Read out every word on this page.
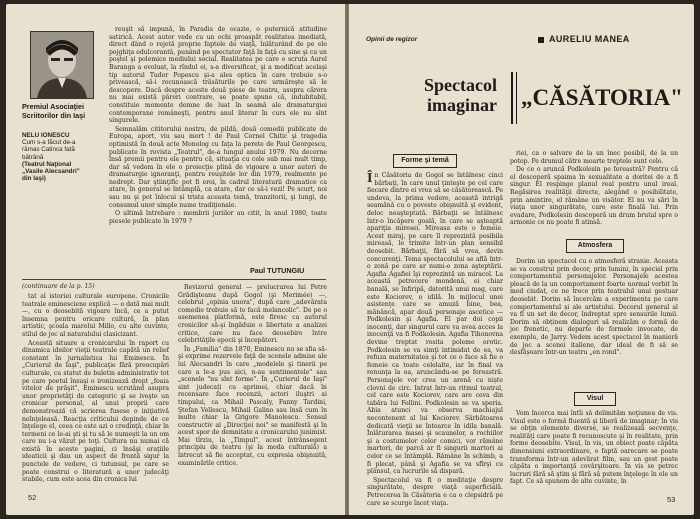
Premiul Asociaţiei Scriitorilor din Iaşi
NELU IONESCU
Cum s-a făcut de-a rămas Catinca fată bătrână
(Teatrul Naţional „Vasile Alecsandri" din Iaşi)

reuşit să impună, în Paradis de ocazie, o puternică atitudine satirică. Acest autor vede cu un ochi proaspăt realitatea imediată, direct dând o rejetă proprie faptele de viaţă, înlăturând de pe ele pojghiţa edulcorantă, punând pe spectator faţă în faţă cu sine şi cu un poştel şi polemice mediului social. Realitatea pe care o scruta Aurel Baranga a evoluat, la rîndul ei, s-a diversificat, şi a modificat acelaşi tip autorul Tudor Popescu şi-a ales optica în care trebuie s-o privească, să-i recunoască trăsăturile pe care urmăreşte să le descopere. Dacă despre aceste două piese de teatru, asupra cărora nu mai există păreri contrare, se poate spune că, indubitabil, constituie momente demne de luat în seamă ale dramaturgiei contemporane româneşti, pentru anul literar în curs ele nu sînt singurele.

Semnalăm cititorului nostru, de pildă, două comedii publicate de Europa, aport, viu sau mort ! de Paul Cornel Chitic şi tragedia optimistă în două acte Monolog cu faţa la perete de Paul Georgescu, publicate în revista „Teatrul", de-a lungul anului 1979. Nu decerne însă premii pentru ele pentru că, situaţia cu cele sub mai mult timp, dar să vedem în ele o proiecţie plină de vigoare a unor autori de dramaturgie ignoranţi, pentru reuşitele lor din 1979, realmente pe nedrept. Dar ştiinţific pot fi eroi, în cadrul literaturii dramatice ca atare, în general se întâmplă, ca atare, dar ce să-i vezi! Pe scurt, noi sau nu şi pot înlocui și trista aceasta temă, tranzitorii, şi lungi, de consumul unor simple nume tradiţionale.

O ultimă întrebare : membrii juriilor au citit, în anul 1980, toate piesele publicate în 1979 ?

Paul TUTUNGIU
(continuare de la p. 15)

tat al istoriei culturale europene. Cronicile teatrale eminesciene explică — o dată mai mult —, cu o deosebită vigoare încă, ce a putut însemna pentru oricare cultură, în plan artistic, şcoala marelui Millo, cu alte cuvinte, stilul de joc al naturalului clasicizant.

Această situare a cronicarului în raport cu dinamica ideilor vieţii teatrale capătă un relief constant în jurnalistica lui Eminescu. În „Curierul de Iaşi", publicaţie fără preocupări culturale, cu statut de buletin administrativ tot pe care poetul însuşi o ironizează drept „foaia vitelor de prăşit", Eminescu scrutând asupra unor proprietăţi de categoric şi se iveşte un cronicar personal, al unui proprii care demonstrează că scrierea fusese o iniţiativă neînţeleasă. Reacţia criticului depinde de ce înţelege el, ceea ce este azi o credinţă, chiar în termeni ce le-ai şti şi tu să le numeşti la un om care nu i-a văzut pe toţi. Cultura nu numai că există în aceste pagini, ci însăşi eraţiile ideaticii şi dau un aspect de frontă sigur la punctele de vedere, ci tutunsul, pe care se poate construi o literatură a unor judecăţi stabile, cum este acea din cronica lui

Revizorul general — prelucrarea lui Petre Grădişteanu după Gogol (şi Merimée) —, celebrul „opinia unora", după care „adevărata comedie trebuie să te facă melancolic". De pe o asemenea platformă, este firesc ca autorul cronicilor să-şi îngăduie o libertate a analizei critice, care nu face deosebire între celebrităţile epocii şi începători.

În „Familia" din 1870, Eminescu nu se sfia să-şi exprime rezervele faţă de scenele admise ale lui Alecsandri în care „modelele şi tinerii pe care a le-a pus aici, n-au sentimentele" sau „scenele "nu sînt forme". În „Curierul de Iaşi" sint judecați cu aprimei, chiar dacă în recensare face recenzii, actori iluştri ai timpului, ca Mihail Pascaly, Fanny Tardini, Ştefan Vellescu, Mihail Galino sau însă cum în multe chiar la Grigore Manolescu. Sensul constructiv al „Direcţiei noi" se manifestă şi în acest spor de demnitate a cronicarului junimist. Mai tîrziu, la „Timpul", acest întrânsegent principiu de teatru (şi la moda culturală) a întrecut să fie acceptat, cu expresia obişnuită, examinările critice.

52
Opinii de regizor	AURELIU MANEA
Spectacol
imaginar „CĂSĂTORIA"
Forme şi temă

În Căsătoria de Gogol se întâlnesc cinci bărbaţi, în care unul ţinteşte pe cel care fiecare dintre ei vrea să se căsătorească. Pe undeva, la prima vedere, această intrigă seamănă cu o poveste obişnuită şi evident, deloc neaşteptată. Bărbaţii se întâlnesc într-o încăpere goală, în care se aşteaptă apariţia miresei. Mireasa este o femeie. Acest miraj, pe care îl reprezintă posibila mireasă, le trimite într-un plan sensibil deosebit. Bărbaţii, fără să vrea, devin concurenţi. Tema spectacolului se află într-o zonă pe care ar numi-o zona aşteptării. Agafia Agafiei îşi reprezintă un miracol. La această petrecere mondenă, ei chiar banală, se înfiripă, datorită unui mag, care este Kociorev, o idilă. În mijlocul unei asistenţe care se amuză bine, bea, mănâncă, apar două personaje ascetice — Podkolesin şi Agafia. El par doi copii inocenţi, dar singurul care va avea acces la inocenţă va fi Podkolesin. Agafia Tihonovna devine treptat rosita poleme erotic. Podkolesin se va simţi intimidat de ea, va refuza maternitatea şi tot ce o face să fie o femeie ca toate celelalte, iar în final va renunţa la ea, aruncându-se pe fereastră. Personajele vor crea un arenă cu niște clovni de circ. Intrat într-un ritmul teatral, cel care este Kociorev, care are ceva din tabăra lui Fellini. Podkolesin se va speria. Abia atunci va observa machiajul necontenent al lui Kociorev. Sărbătoarea dedicată vieţii se întoarce în idila banală. Înlăturarea masei şi scaunelor, a rochiilor şi a costumelor celor comici, vor rămâne martori, de parcă ar fi singurii martori ai celor ce se întâmplă. Rămâne în schimb, a fi plecat, până şi Agafia se va sfîrşi cu plânsul, ca lucrurile să dispară.

Spectacolul va fi o meditaţie despre singurătate, despre viaţă superficială. Petrecerea în Căsătoria e ca o clepsidră pe care se scurge încet viaţa.

riei, ca o salvare de la un înec posibil, de la un potop. Pe drumul către moarte treptele sunt cele.

De ce o aruncă Podkolesin pe fereastră? Pentru că el descoperă spaima în sexualitate a doritei de a fi singur. El respinge planul real pentru unul ireal. Regăsirea realităţii directe, alegând o posibilitate, prin amintire, el rămâne un visător. El nu va sări în viaţa unor singurătate, care este finală lui. Prin evadare, Podkolesin descoperă un drum brutal spre o armonie ce nu poate fi atinsă.

Atmosfera

Dorim un spectacol cu o atmosferă stranie. Aceasta se va construi prin decor, prin lumini, în special prin comportamentul personajelor. Personajele acestea pleacă de la un comportament foarte normal vorbit în mod ciudat, ce ne trece prin teatralul unui gestuar deosebit. Dorim să încercăm a experimenta pe care comportamentul și ale artistului. Decorul general al va fi un set de decor, îndreptat spre sensurile lumii. Dorim să obținem dialoguri să realizăm o formă de joc frenetic, nu departe de formele invocate, de exemplu, de Jarry. Vedem acest spectacol în manieră de joc a scenei italiene, dar ideal de fi să se desfășoare într-un teatru „en rond".

Visul

Vom încerca mai întîi să delimităm noţiunea de vis. Visul este o formă fluentă şi liberă de imaginar; în vis se obţin elemente diverse, se realizează secvenţe, realităţi care poate fi recunoscute şi în realitate, prin forme deosebite. Visul, în vis, un obiect poate căpăta dimensiuni extraordinare, o faptă oarecare se poate transforma într-un adevărat film, sau un gest poate căpăta o importanţă covârşitoare. În vis se petrec lucruri fără să ştim şi fără să putem înţelege în ele un fapt. Ce să spunem de alte cuvinte, în

53
